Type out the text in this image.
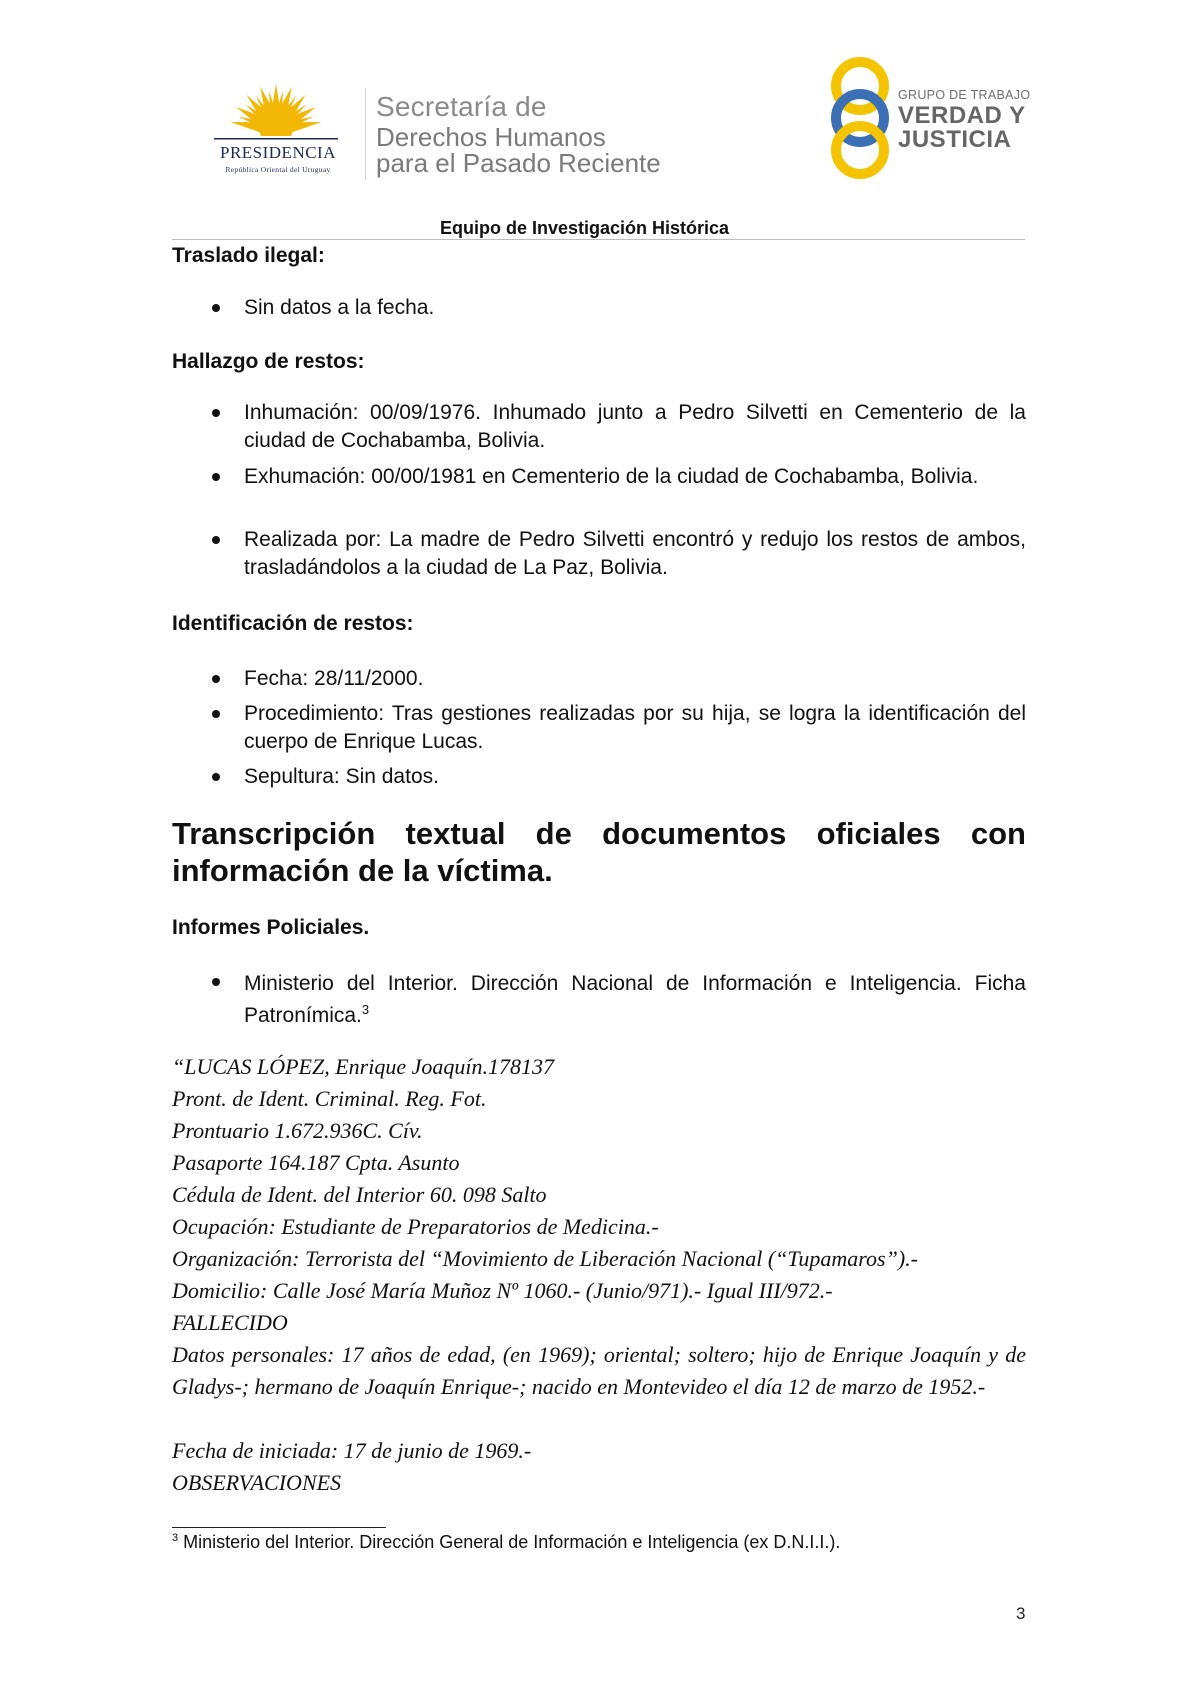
PRESIDENCIA
República Oriental del Uruguay
Secretaría de
Derechos Humanos
para el Pasado Reciente
GRUPO DE TRABAJO
VERDAD Y
JUSTICIA
Equipo de Investigación Histórica
Traslado ilegal:
Sin datos a la fecha.
Hallazgo de restos:
Inhumación: 00/09/1976. Inhumado junto a Pedro Silvetti en Cementerio de la ciudad de Cochabamba, Bolivia.
Exhumación: 00/00/1981 en Cementerio de la ciudad de Cochabamba, Bolivia.
Realizada por: La madre de Pedro Silvetti encontró y redujo los restos de ambos, trasladándolos a la ciudad de La Paz, Bolivia.
Identificación de restos:
Fecha: 28/11/2000.
Procedimiento: Tras gestiones realizadas por su hija, se logra la identificación del cuerpo de Enrique Lucas.
Sepultura: Sin datos.
Transcripción textual de documentos oficiales con información de la víctima.
Informes Policiales.
Ministerio del Interior. Dirección Nacional de Información e Inteligencia. Ficha Patronímica.$^3$
“LUCAS LÓPEZ, Enrique Joaquín.178137
Pront. de Ident. Criminal. Reg. Fot.
Prontuario 1.672.936C. Cív.
Pasaporte 164.187 Cpta. Asunto
Cédula de Ident. del Interior 60. 098 Salto
Ocupación: Estudiante de Preparatorios de Medicina.-
Organización: Terrorista del “Movimiento de Liberación Nacional (“Tupamaros”).-
Domicilio: Calle José María Muñoz Nº 1060.- (Junio/971).- Igual III/972.-
FALLECIDO
Datos personales: 17 años de edad, (en 1969); oriental; soltero; hijo de Enrique Joaquín y de Gladys-; hermano de Joaquín Enrique-; nacido en Montevideo el día 12 de marzo de 1952.-
Fecha de iniciada: 17 de junio de 1969.-
OBSERVACIONES
$^3$ Ministerio del Interior. Dirección General de Información e Inteligencia (ex D.N.I.I.).
3
